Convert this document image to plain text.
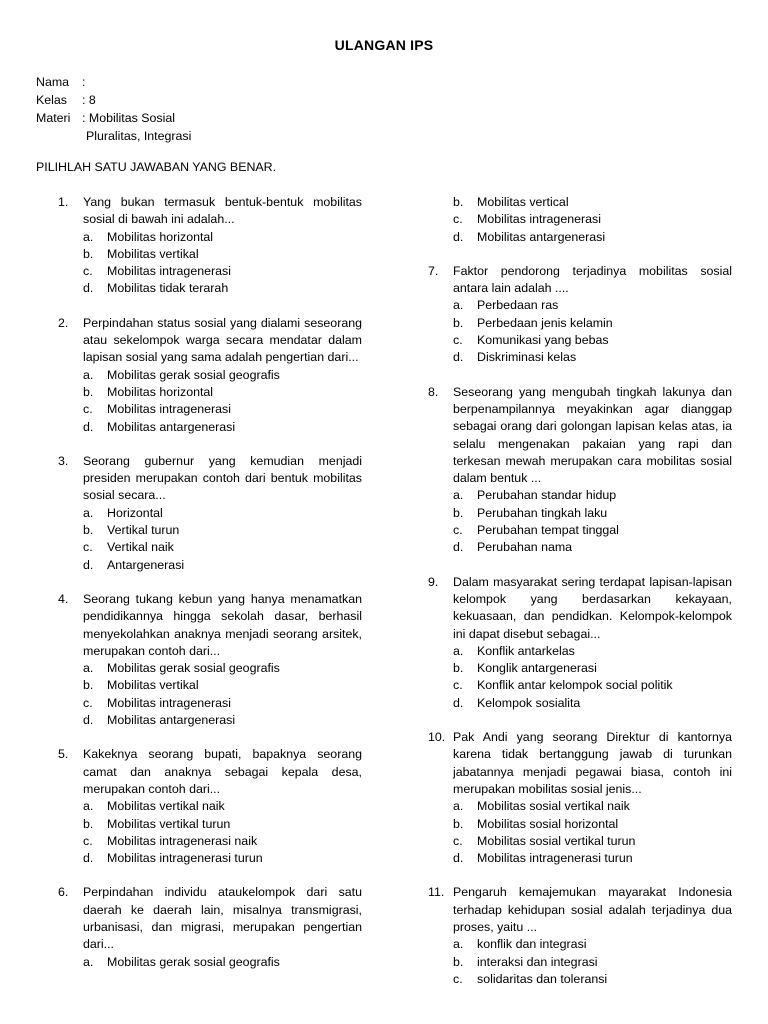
ULANGAN IPS
Nama :
Kelas : 8
Materi : Mobilitas Sosial
Pluralitas, Integrasi
PILIHLAH SATU JAWABAN YANG BENAR.
1.	Yang bukan termasuk bentuk-bentuk mobilitas sosial di bawah ini adalah...
a.	Mobilitas horizontal
b.	Mobilitas vertikal
c.	Mobilitas intragenerasi
d.	Mobilitas tidak terarah
2.	Perpindahan status sosial yang dialami seseorang atau sekelompok warga secara mendatar dalam lapisan sosial yang sama adalah pengertian dari...
a.	Mobilitas gerak sosial geografis
b.	Mobilitas horizontal
c.	Mobilitas intragenerasi
d.	Mobilitas antargenerasi
3.	Seorang gubernur yang kemudian menjadi presiden merupakan contoh dari bentuk mobilitas sosial secara...
a.	Horizontal
b.	Vertikal turun
c.	Vertikal naik
d.	Antargenerasi
4.	Seorang tukang kebun yang hanya menamatkan pendidikannya hingga sekolah dasar, berhasil menyekolahkan anaknya menjadi seorang arsitek, merupakan contoh dari...
a.	Mobilitas gerak sosial geografis
b.	Mobilitas vertikal
c.	Mobilitas intragenerasi
d.	Mobilitas antargenerasi
5.	Kakeknya seorang bupati, bapaknya seorang camat dan anaknya sebagai kepala desa, merupakan contoh dari...
a.	Mobilitas vertikal naik
b.	Mobilitas vertikal turun
c.	Mobilitas intragenerasi naik
d.	Mobilitas intragenerasi turun
6.	Perpindahan individu ataukelompok dari satu daerah ke daerah lain, misalnya transmigrasi, urbanisasi, dan migrasi, merupakan pengertian dari...
a.	Mobilitas gerak sosial geografis
b.	Mobilitas vertical
c.	Mobilitas intragenerasi
d.	Mobilitas antargenerasi
7.	Faktor pendorong terjadinya mobilitas sosial antara lain adalah ....
a.	Perbedaan ras
b.	Perbedaan jenis kelamin
c.	Komunikasi yang bebas
d.	Diskriminasi kelas
8.	Seseorang yang mengubah tingkah lakunya dan berpenampilannya meyakinkan agar dianggap sebagai orang dari golongan lapisan kelas atas, ia selalu mengenakan pakaian yang rapi dan terkesan mewah merupakan cara mobilitas sosial dalam bentuk ...
a.	Perubahan standar hidup
b.	Perubahan tingkah laku
c.	Perubahan tempat tinggal
d.	Perubahan nama
9.	Dalam masyarakat sering terdapat lapisan-lapisan kelompok yang berdasarkan kekayaan, kekuasaan, dan pendidkan. Kelompok-kelompok ini dapat disebut sebagai...
a.	Konflik antarkelas
b.	Konglik antargenerasi
c.	Konflik antar kelompok social politik
d.	Kelompok sosialita
10. Pak Andi yang seorang Direktur di kantornya karena tidak bertanggung jawab di turunkan jabatannya menjadi pegawai biasa, contoh ini merupakan mobilitas sosial jenis...
a.	Mobilitas sosial vertikal naik
b.	Mobilitas sosial horizontal
c.	Mobilitas sosial vertikal turun
d.	Mobilitas intragenerasi turun
11. Pengaruh kemajemukan mayarakat Indonesia terhadap kehidupan sosial adalah terjadinya dua proses, yaitu ...
a.	konflik dan integrasi
b.	interaksi dan integrasi
c.	solidaritas dan toleransi
